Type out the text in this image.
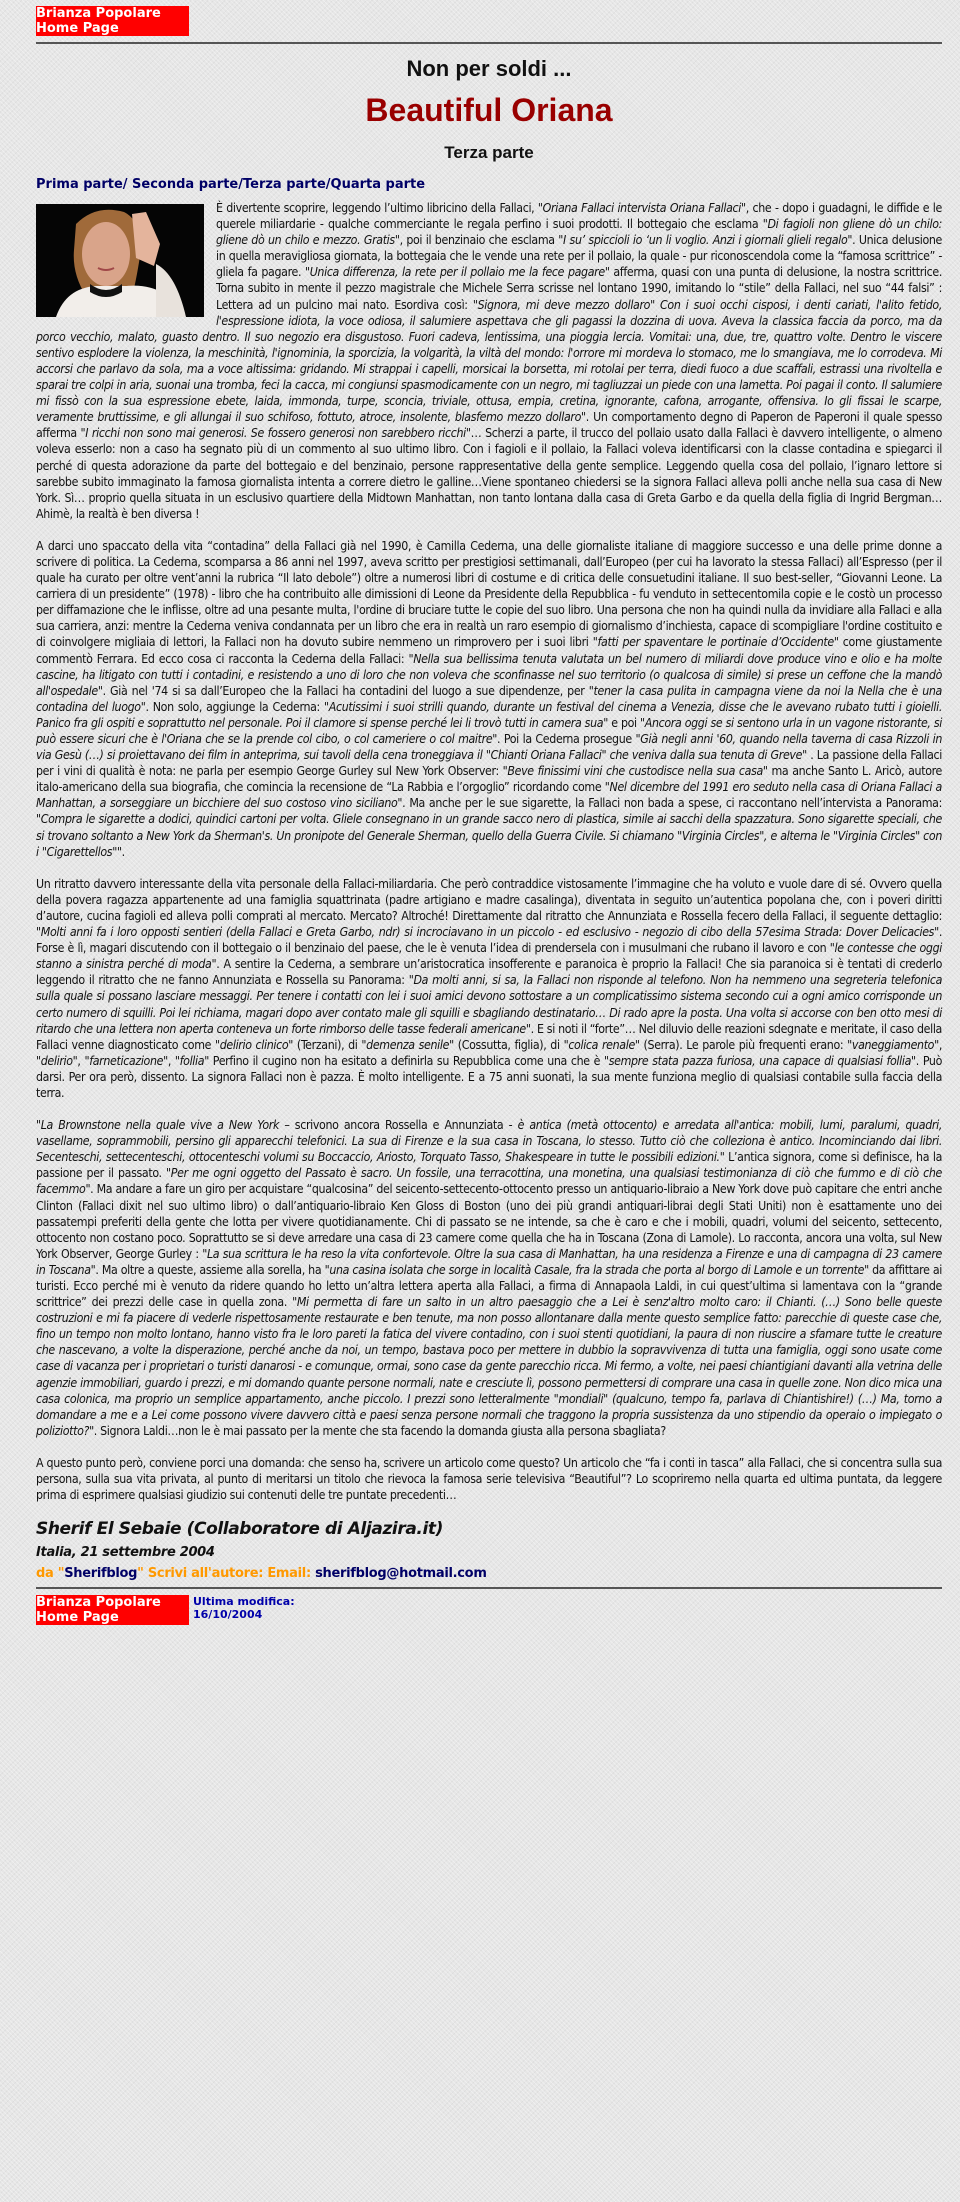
Brianza Popolare
Home Page
Non per soldi ...
Beautiful Oriana
Terza parte
Prima parte/ Seconda parte/Terza parte/Quarta parte

È divertente scoprire, leggendo l’ultimo libricino della Fallaci, "Oriana Fallaci intervista Oriana Fallaci", che - dopo i guadagni, le diffide e le querele miliardarie - qualche commerciante le regala perfino i suoi prodotti. Il bottegaio che esclama "Di fagioli non gliene dò un chilo: gliene dò un chilo e mezzo. Gratis", poi il benzinaio che esclama "I su’ spiccioli io ‘un li voglio. Anzi i giornali glieli regalo". Unica delusione in quella meravigliosa giornata, la bottegaia che le vende una rete per il pollaio, la quale - pur riconoscendola come la “famosa scrittrice” - gliela fa pagare. "Unica differenza, la rete per il pollaio me la fece pagare" afferma, quasi con una punta di delusione, la nostra scrittrice. Torna subito in mente il pezzo magistrale che Michele Serra scrisse nel lontano 1990, imitando lo “stile” della Fallaci, nel suo “44 falsi” : Lettera ad un pulcino mai nato. Esordiva così: "Signora, mi deve mezzo dollaro" Con i suoi occhi cisposi, i denti cariati, l'alito fetido, l'espressione idiota, la voce odiosa, il salumiere aspettava che gli pagassi la dozzina di uova. Aveva la classica faccia da porco, ma da porco vecchio, malato, guasto dentro. Il suo negozio era disgustoso. Fuori cadeva, lentissima, una pioggia lercia. Vomitai: una, due, tre, quattro volte. Dentro le viscere sentivo esplodere la violenza, la meschinità, l'ignominia, la sporcizia, la volgarità, la viltà del mondo: l'orrore mi mordeva lo stomaco, me lo smangiava, me lo corrodeva. Mi accorsi che parlavo da sola, ma a voce altissima: gridando. Mi strappai i capelli, morsicai la borsetta, mi rotolai per terra, diedi fuoco a due scaffali, estrassi una rivoltella e sparai tre colpi in aria, suonai una tromba, feci la cacca, mi congiunsi spasmodicamente con un negro, mi tagliuzzai un piede con una lametta. Poi pagai il conto. Il salumiere mi fissò con la sua espressione ebete, laida, immonda, turpe, sconcia, triviale, ottusa, empia, cretina, ignorante, cafona, arrogante, offensiva. Io gli fissai le scarpe, veramente bruttissime, e gli allungai il suo schifoso, fottuto, atroce, insolente, blasfemo mezzo dollaro". Un comportamento degno di Paperon de Paperoni il quale spesso afferma "I ricchi non sono mai generosi. Se fossero generosi non sarebbero ricchi"… Scherzi a parte, il trucco del pollaio usato dalla Fallaci è davvero intelligente, o almeno voleva esserlo: non a caso ha segnato più di un commento al suo ultimo libro. Con i fagioli e il pollaio, la Fallaci voleva identificarsi con la classe contadina e spiegarci il perché di questa adorazione da parte del bottegaio e del benzinaio, persone rappresentative della gente semplice. Leggendo quella cosa del pollaio, l’ignaro lettore si sarebbe subito immaginato la famosa giornalista intenta a correre dietro le galline…Viene spontaneo chiedersi se la signora Fallaci alleva polli anche nella sua casa di New York. Sì… proprio quella situata in un esclusivo quartiere della Midtown Manhattan, non tanto lontana dalla casa di Greta Garbo e da quella della figlia di Ingrid Bergman…Ahimè, la realtà è ben diversa !

A darci uno spaccato della vita “contadina” della Fallaci già nel 1990, è Camilla Cederna, una delle giornaliste italiane di maggiore successo e una delle prime donne a scrivere di politica. La Cederna, scomparsa a 86 anni nel 1997, aveva scritto per prestigiosi settimanali, dall’Europeo (per cui ha lavorato la stessa Fallaci) all’Espresso (per il quale ha curato per oltre vent’anni la rubrica “Il lato debole”) oltre a numerosi libri di costume e di critica delle consuetudini italiane. Il suo best-seller, “Giovanni Leone. La carriera di un presidente” (1978) - libro che ha contribuito alle dimissioni di Leone da Presidente della Repubblica - fu venduto in settecentomila copie e le costò un processo per diffamazione che le inflisse, oltre ad una pesante multa, l'ordine di bruciare tutte le copie del suo libro. Una persona che non ha quindi nulla da invidiare alla Fallaci e alla sua carriera, anzi: mentre la Cederna veniva condannata per un libro che era in realtà un raro esempio di giornalismo d’inchiesta, capace di scompigliare l'ordine costituito e di coinvolgere migliaia di lettori, la Fallaci non ha dovuto subire nemmeno un rimprovero per i suoi libri "fatti per spaventare le portinaie d’Occidente" come giustamente commentò Ferrara. Ed ecco cosa ci racconta la Cederna della Fallaci: "Nella sua bellissima tenuta valutata un bel numero di miliardi dove produce vino e olio e ha molte cascine, ha litigato con tutti i contadini, e resistendo a uno di loro che non voleva che sconfinasse nel suo territorio (o qualcosa di simile) si prese un ceffone che la mandò all'ospedale". Già nel '74 si sa dall’Europeo che la Fallaci ha contadini del luogo a sue dipendenze, per "tener la casa pulita in campagna viene da noi la Nella che è una contadina del luogo". Non solo, aggiunge la Cederna: "Acutissimi i suoi strilli quando, durante un festival del cinema a Venezia, disse che le avevano rubato tutti i gioielli. Panico fra gli ospiti e soprattutto nel personale. Poi il clamore si spense perché lei li trovò tutti in camera sua" e poi "Ancora oggi se si sentono urla in un vagone ristorante, si può essere sicuri che è l'Oriana che se la prende col cibo, o col cameriere o col maitre". Poi la Cederna prosegue "Già negli anni '60, quando nella taverna di casa Rizzoli in via Gesù (…) si proiettavano dei film in anteprima, sui tavoli della cena troneggiava il "Chianti Oriana Fallaci" che veniva dalla sua tenuta di Greve" . La passione della Fallaci per i vini di qualità è nota: ne parla per esempio George Gurley sul New York Observer: "Beve finissimi vini che custodisce nella sua casa" ma anche Santo L. Aricò, autore italo-americano della sua biografia, che comincia la recensione de “La Rabbia e l’orgoglio” ricordando come "Nel dicembre del 1991 ero seduto nella casa di Oriana Fallaci a Manhattan, a sorseggiare un bicchiere del suo costoso vino siciliano". Ma anche per le sue sigarette, la Fallaci non bada a spese, ci raccontano nell’intervista a Panorama: "Compra le sigarette a dodici, quindici cartoni per volta. Gliele consegnano in un grande sacco nero di plastica, simile ai sacchi della spazzatura. Sono sigarette speciali, che si trovano soltanto a New York da Sherman's. Un pronipote del Generale Sherman, quello della Guerra Civile. Si chiamano "Virginia Circles", e alterna le "Virginia Circles" con i "Cigarettellos"".

Un ritratto davvero interessante della vita personale della Fallaci-miliardaria. Che però contraddice vistosamente l’immagine che ha voluto e vuole dare di sé. Ovvero quella della povera ragazza appartenente ad una famiglia squattrinata (padre artigiano e madre casalinga), diventata in seguito un’autentica popolana che, con i poveri diritti d’autore, cucina fagioli ed alleva polli comprati al mercato. Mercato? Altroché! Direttamente dal ritratto che Annunziata e Rossella fecero della Fallaci, il seguente dettaglio: "Molti anni fa i loro opposti sentieri (della Fallaci e Greta Garbo, ndr) si incrociavano in un piccolo - ed esclusivo - negozio di cibo della 57esima Strada: Dover Delicacies". Forse è lì, magari discutendo con il bottegaio o il benzinaio del paese, che le è venuta l’idea di prendersela con i musulmani che rubano il lavoro e con "le contesse che oggi stanno a sinistra perché di moda". A sentire la Cederna, a sembrare un’aristocratica insofferente e paranoica è proprio la Fallaci! Che sia paranoica si è tentati di crederlo leggendo il ritratto che ne fanno Annunziata e Rossella su Panorama: "Da molti anni, si sa, la Fallaci non risponde al telefono. Non ha nemmeno una segreteria telefonica sulla quale si possano lasciare messaggi. Per tenere i contatti con lei i suoi amici devono sottostare a un complicatissimo sistema secondo cui a ogni amico corrisponde un certo numero di squilli. Poi lei richiama, magari dopo aver contato male gli squilli e sbagliando destinatario… Di rado apre la posta. Una volta si accorse con ben otto mesi di ritardo che una lettera non aperta conteneva un forte rimborso delle tasse federali americane". E si noti il “forte”… Nel diluvio delle reazioni sdegnate e meritate, il caso della Fallaci venne diagnosticato come "delirio clinico" (Terzani), di "demenza senile" (Cossutta, figlia), di "colica renale" (Serra). Le parole più frequenti erano: "vaneggiamento", "delirio", "farneticazione", "follia" Perfino il cugino non ha esitato a definirla su Repubblica come una che è "sempre stata pazza furiosa, una capace di qualsiasi follia". Può darsi. Per ora però, dissento. La signora Fallaci non è pazza. È molto intelligente. E a 75 anni suonati, la sua mente funziona meglio di qualsiasi contabile sulla faccia della terra.

"La Brownstone nella quale vive a New York – scrivono ancora Rossella e Annunziata - è antica (metà ottocento) e arredata all'antica: mobili, lumi, paralumi, quadri, vasellame, soprammobili, persino gli apparecchi telefonici. La sua di Firenze e la sua casa in Toscana, lo stesso. Tutto ciò che colleziona è antico. Incominciando dai libri. Secenteschi, settecenteschi, ottocenteschi volumi su Boccaccio, Ariosto, Torquato Tasso, Shakespeare in tutte le possibili edizioni." L’antica signora, come si definisce, ha la passione per il passato. "Per me ogni oggetto del Passato è sacro. Un fossile, una terracottina, una monetina, una qualsiasi testimonianza di ciò che fummo e di ciò che facemmo". Ma andare a fare un giro per acquistare “qualcosina” del seicento-settecento-ottocento presso un antiquario-libraio a New York dove può capitare che entri anche Clinton (Fallaci dixit nel suo ultimo libro) o dall’antiquario-libraio Ken Gloss di Boston (uno dei più grandi antiquari-librai degli Stati Uniti) non è esattamente uno dei passatempi preferiti della gente che lotta per vivere quotidianamente. Chi di passato se ne intende, sa che è caro e che i mobili, quadri, volumi del seicento, settecento, ottocento non costano poco. Soprattutto se si deve arredare una casa di 23 camere come quella che ha in Toscana (Zona di Lamole). Lo racconta, ancora una volta, sul New York Observer, George Gurley : "La sua scrittura le ha reso la vita confortevole. Oltre la sua casa di Manhattan, ha una residenza a Firenze e una di campagna di 23 camere in Toscana". Ma oltre a queste, assieme alla sorella, ha "una casina isolata che sorge in località Casale, fra la strada che porta al borgo di Lamole e un torrente" da affittare ai turisti. Ecco perché mi è venuto da ridere quando ho letto un’altra lettera aperta alla Fallaci, a firma di Annapaola Laldi, in cui quest’ultima si lamentava con la “grande scrittrice” dei prezzi delle case in quella zona. "Mi permetta di fare un salto in un altro paesaggio che a Lei è senz'altro molto caro: il Chianti. (…) Sono belle queste costruzioni e mi fa piacere di vederle rispettosamente restaurate e ben tenute, ma non posso allontanare dalla mente questo semplice fatto: parecchie di queste case che, fino un tempo non molto lontano, hanno visto fra le loro pareti la fatica del vivere contadino, con i suoi stenti quotidiani, la paura di non riuscire a sfamare tutte le creature che nascevano, a volte la disperazione, perché anche da noi, un tempo, bastava poco per mettere in dubbio la sopravvivenza di tutta una famiglia, oggi sono usate come case di vacanza per i proprietari o turisti danarosi - e comunque, ormai, sono case da gente parecchio ricca. Mi fermo, a volte, nei paesi chiantigiani davanti alla vetrina delle agenzie immobiliari, guardo i prezzi, e mi domando quante persone normali, nate e cresciute lì, possono permettersi di comprare una casa in quelle zone. Non dico mica una casa colonica, ma proprio un semplice appartamento, anche piccolo. I prezzi sono letteralmente "mondiali" (qualcuno, tempo fa, parlava di Chiantishire!) (…) Ma, torno a domandare a me e a Lei come possono vivere davvero città e paesi senza persone normali che traggono la propria sussistenza da uno stipendio da operaio o impiegato o poliziotto?". Signora Laldi…non le è mai passato per la mente che sta facendo la domanda giusta alla persona sbagliata?

A questo punto però, conviene porci una domanda: che senso ha, scrivere un articolo come questo? Un articolo che “fa i conti in tasca” alla Fallaci, che si concentra sulla sua persona, sulla sua vita privata, al punto di meritarsi un titolo che rievoca la famosa serie televisiva “Beautiful”? Lo scopriremo nella quarta ed ultima puntata, da leggere prima di esprimere qualsiasi giudizio sui contenuti delle tre puntate precedenti…

Sherif El Sebaie (Collaboratore di Aljazira.it)
Italia, 21 settembre 2004
da "Sherifblog" Scrivi all'autore: Email: sherifblog@hotmail.com
Brianza Popolare
Home Page
Ultima modifica:
16/10/2004
